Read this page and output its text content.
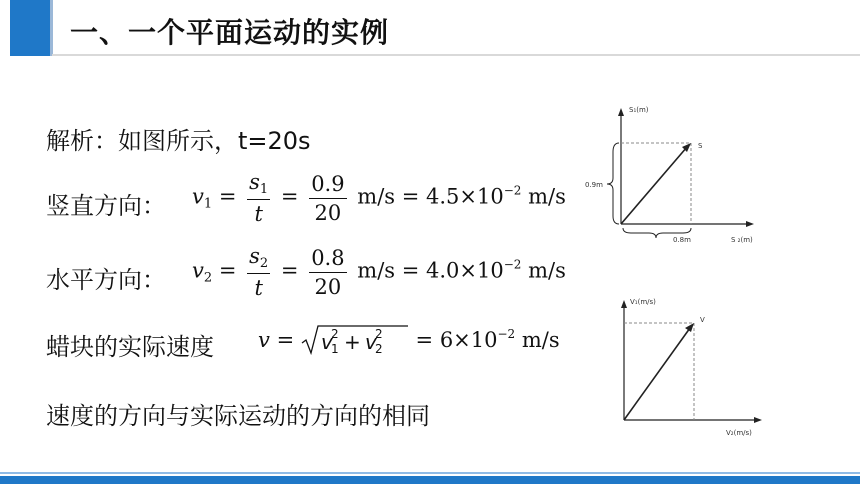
一、一个平面运动的实例
解析：如图所示，t=20s
竖直方向： $v_1 = \frac{s_1}{t} = \frac{0.9}{20} m/s = 4.5\times 10^{-2}$ m/s
水平方向： $v_2 = \frac{s_2}{t} = \frac{0.8}{20} m/s = 4.0\times 10^{-2}$ m/s
蜡块的实际速度 v = v
1
2 + v
2
$2 = 6\times 10^{-2}$ m/s
速度的方向与实际运动的方向的相同
S₁(m)
S ₂(m)
S
0.9m
0.8m
V₁(m/s)
V₂(m/s)
V
